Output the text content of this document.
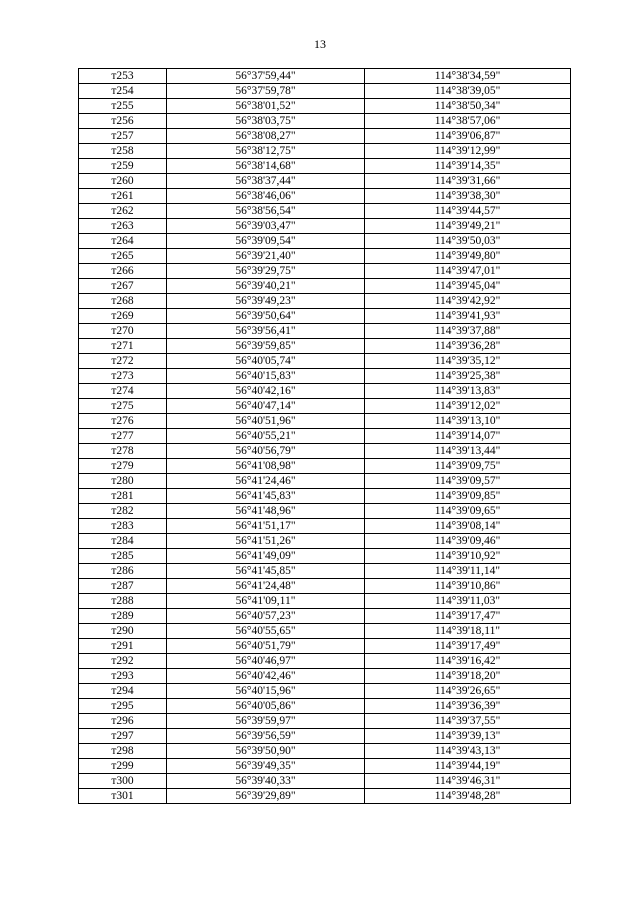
13
т253	56°37'59,44"	114°38'34,59"
т254	56°37'59,78"	114°38'39,05"
т255	56°38'01,52"	114°38'50,34"
т256	56°38'03,75"	114°38'57,06"
т257	56°38'08,27"	114°39'06,87"
т258	56°38'12,75"	114°39'12,99"
т259	56°38'14,68"	114°39'14,35"
т260	56°38'37,44"	114°39'31,66"
т261	56°38'46,06"	114°39'38,30"
т262	56°38'56,54"	114°39'44,57"
т263	56°39'03,47"	114°39'49,21"
т264	56°39'09,54"	114°39'50,03"
т265	56°39'21,40"	114°39'49,80"
т266	56°39'29,75"	114°39'47,01"
т267	56°39'40,21"	114°39'45,04"
т268	56°39'49,23"	114°39'42,92"
т269	56°39'50,64"	114°39'41,93"
т270	56°39'56,41"	114°39'37,88"
т271	56°39'59,85"	114°39'36,28"
т272	56°40'05,74"	114°39'35,12"
т273	56°40'15,83"	114°39'25,38"
т274	56°40'42,16"	114°39'13,83"
т275	56°40'47,14"	114°39'12,02"
т276	56°40'51,96"	114°39'13,10"
т277	56°40'55,21"	114°39'14,07"
т278	56°40'56,79"	114°39'13,44"
т279	56°41'08,98"	114°39'09,75"
т280	56°41'24,46"	114°39'09,57"
т281	56°41'45,83"	114°39'09,85"
т282	56°41'48,96"	114°39'09,65"
т283	56°41'51,17"	114°39'08,14"
т284	56°41'51,26"	114°39'09,46"
т285	56°41'49,09"	114°39'10,92"
т286	56°41'45,85"	114°39'11,14"
т287	56°41'24,48"	114°39'10,86"
т288	56°41'09,11"	114°39'11,03"
т289	56°40'57,23"	114°39'17,47"
т290	56°40'55,65"	114°39'18,11"
т291	56°40'51,79"	114°39'17,49"
т292	56°40'46,97"	114°39'16,42"
т293	56°40'42,46"	114°39'18,20"
т294	56°40'15,96"	114°39'26,65"
т295	56°40'05,86"	114°39'36,39"
т296	56°39'59,97"	114°39'37,55"
т297	56°39'56,59"	114°39'39,13"
т298	56°39'50,90"	114°39'43,13"
т299	56°39'49,35"	114°39'44,19"
т300	56°39'40,33"	114°39'46,31"
т301	56°39'29,89"	114°39'48,28"
